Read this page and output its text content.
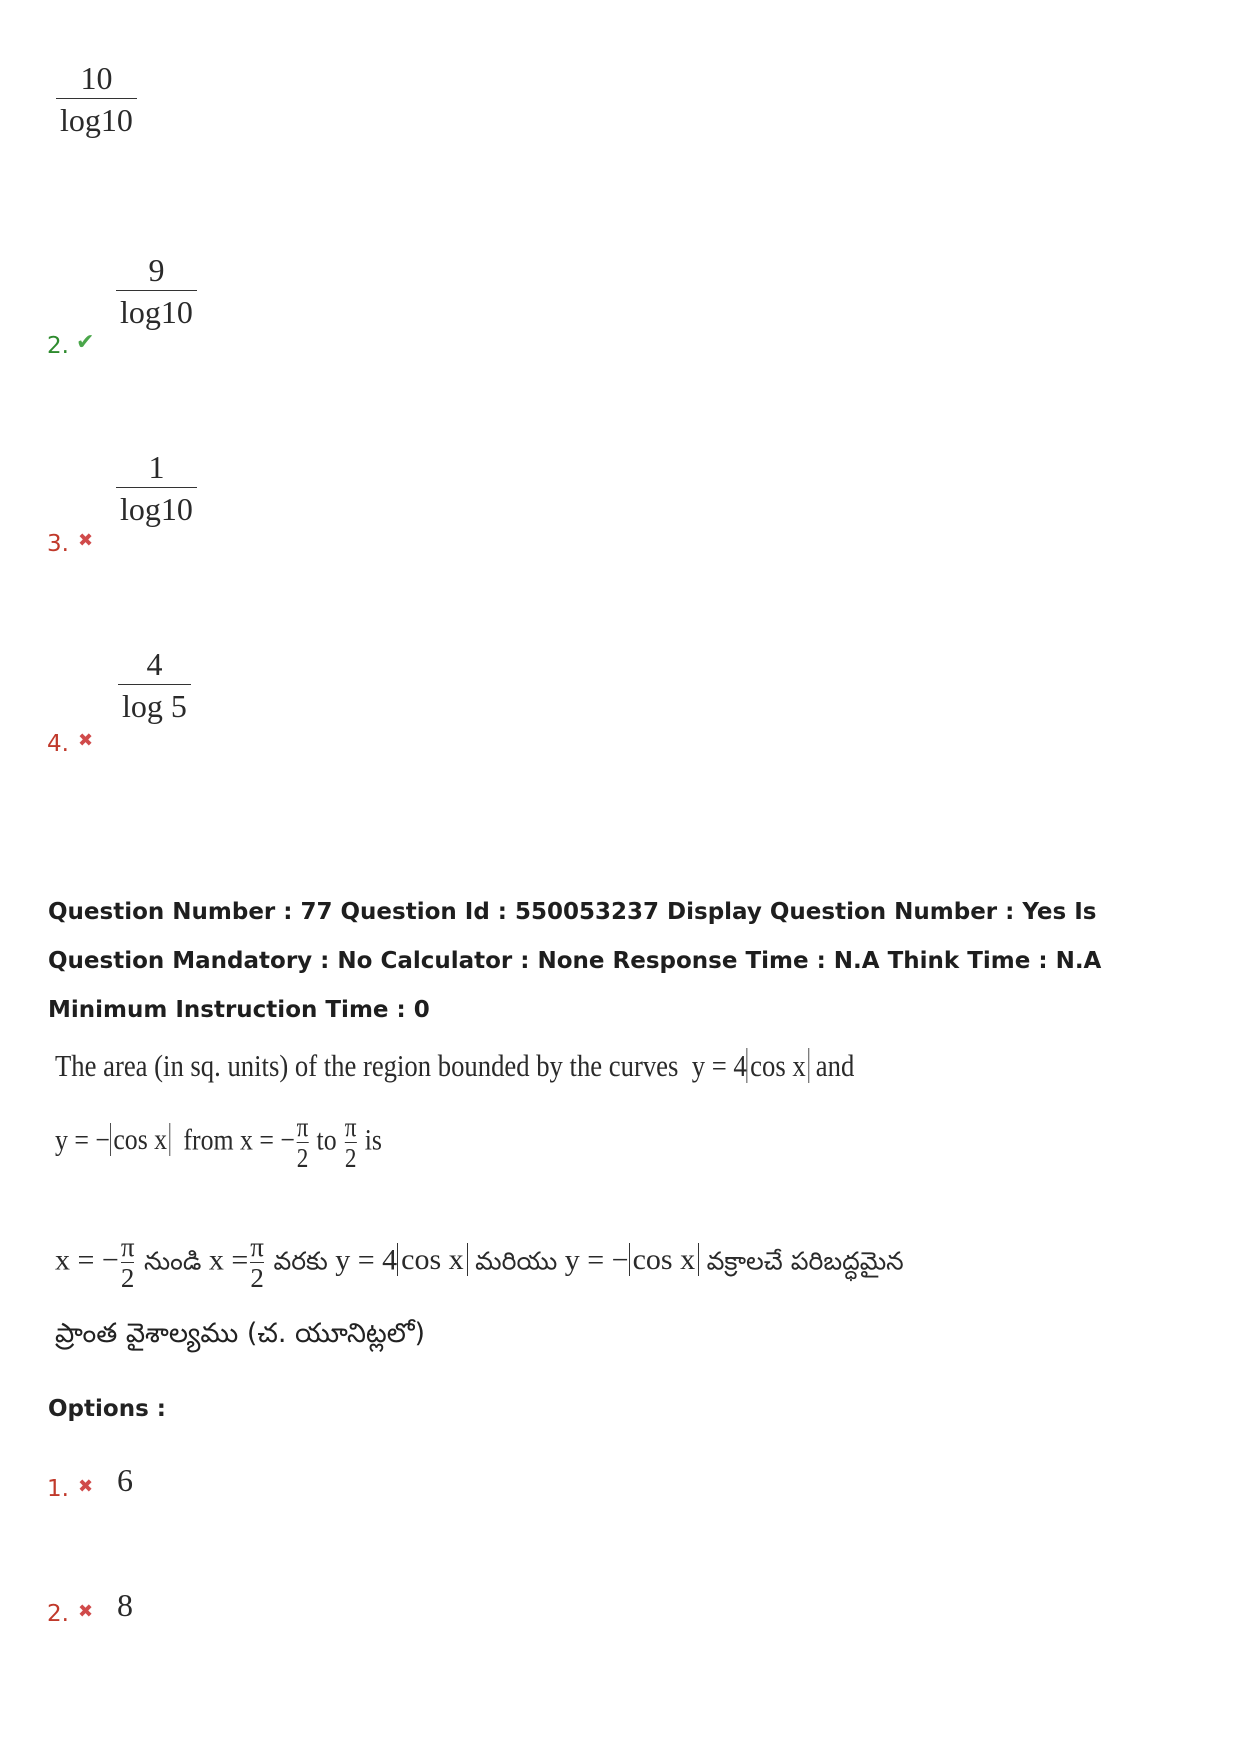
10
log10
2. ✔
9
log10
3. ✖
1
log10
4. ✖
4
log 5
Question Number : 77 Question Id : 550053237 Display Question Number : Yes Is Question Mandatory : No Calculator : None Response Time : N.A Think Time : N.A Minimum Instruction Time : 0
The area (in sq. units) of the region bounded by the curves y = 4 cos x and
y = − cos x from x = − $\frac{\pi}{2}$ to $\frac{\pi}{2}$ is
x = − $\frac{\pi}{2}$ నుండి $x = \frac{\pi}{2}$ వరకు y = 4 cos x మరియు y = − cos x వక్రాలచే పరిబద్ధమైన
ప్రాంత వైశాల్యము (చ. యూనిట్లలో)
Options :
1. ✖ 6
2. ✖ 8
